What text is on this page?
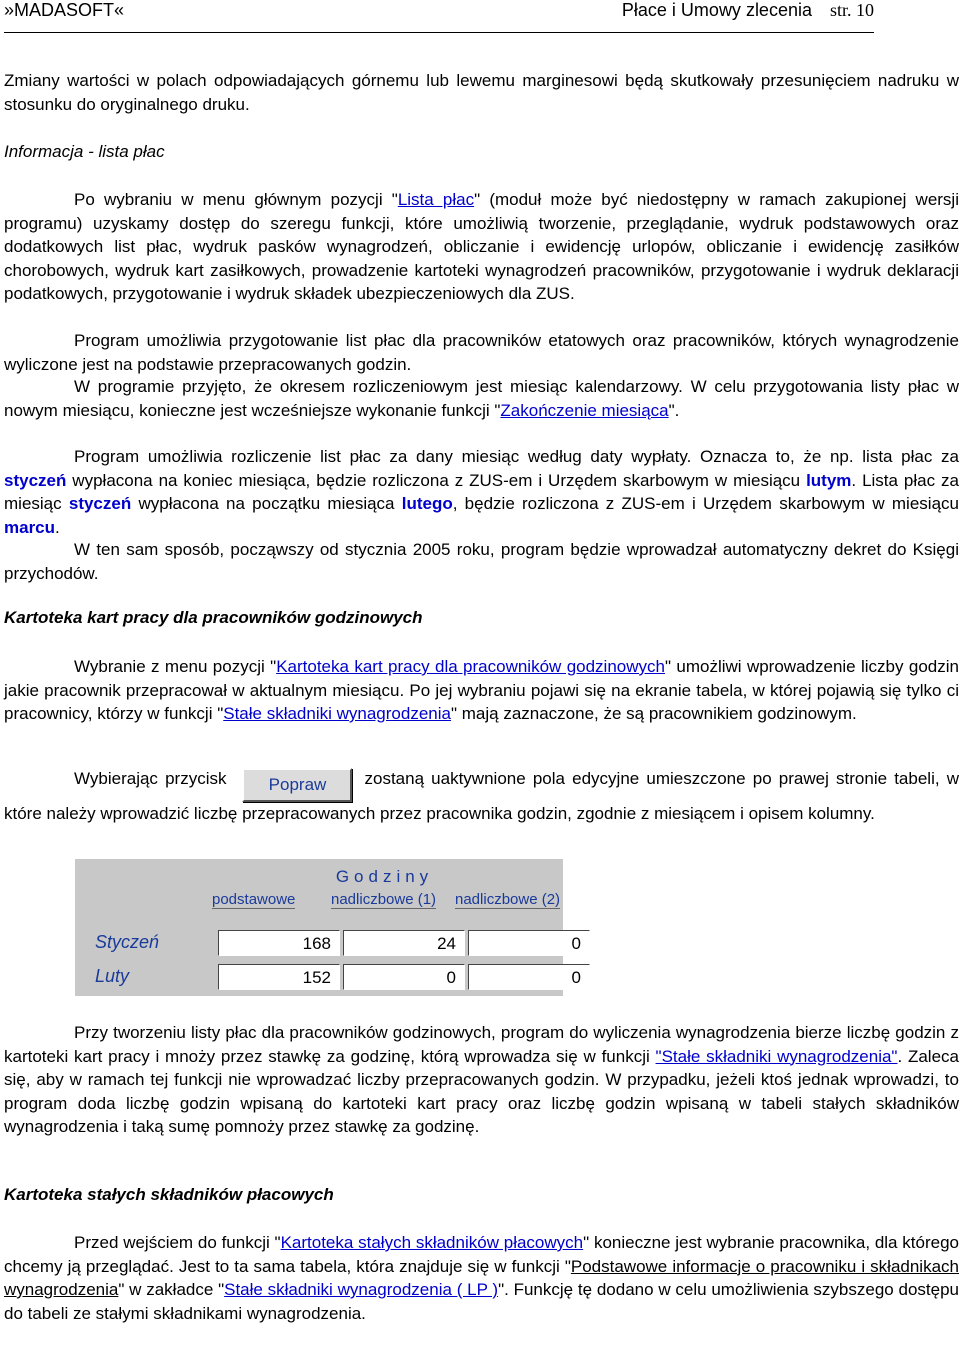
»MADASOFT«	Płace i Umowy zlecenia str. 10

Zmiany wartości w polach odpowiadających górnemu lub lewemu marginesowi będą skutkowały przesunięciem nadruku w stosunku do oryginalnego druku.

Informacja - lista płac

Po wybraniu w menu głównym pozycji "Lista płac" (moduł może być niedostępny w ramach zakupionej wersji programu) uzyskamy dostęp do szeregu funkcji, które umożliwią tworzenie, przeglądanie, wydruk podstawowych oraz dodatkowych list płac, wydruk pasków wynagrodzeń, obliczanie i ewidencję urlopów, obliczanie i ewidencję zasiłków chorobowych, wydruk kart zasiłkowych, prowadzenie kartoteki wynagrodzeń pracowników, przygotowanie i wydruk deklaracji podatkowych, przygotowanie i wydruk składek ubezpieczeniowych dla ZUS.

Program umożliwia przygotowanie list płac dla pracowników etatowych oraz pracowników, których wynagrodzenie wyliczone jest na podstawie przepracowanych godzin.

W programie przyjęto, że okresem rozliczeniowym jest miesiąc kalendarzowy. W celu przygotowania listy płac w nowym miesiącu, konieczne jest wcześniejsze wykonanie funkcji "Zakończenie miesiąca".

Program umożliwia rozliczenie list płac za dany miesiąc według daty wypłaty. Oznacza to, że np. lista płac za styczeń wypłacona na koniec miesiąca, będzie rozliczona z ZUS-em i Urzędem skarbowym w miesiącu lutym. Lista płac za miesiąc styczeń wypłacona na początku miesiąca lutego, będzie rozliczona z ZUS-em i Urzędem skarbowym w miesiącu marcu.

W ten sam sposób, począwszy od stycznia 2005 roku, program będzie wprowadzał automatyczny dekret do Księgi przychodów.

Kartoteka kart pracy dla pracowników godzinowych

Wybranie z menu pozycji "Kartoteka kart pracy dla pracowników godzinowych" umożliwi wprowadzenie liczby godzin jakie pracownik przepracował w aktualnym miesiącu. Po jej wybraniu pojawi się na ekranie tabela, w której pojawią się tylko ci pracownicy, którzy w funkcji "Stałe składniki wynagrodzenia" mają zaznaczone, że są pracownikiem godzinowym.

Wybierając przycisk Popraw zostaną uaktywnione pola edycyjne umieszczone po prawej stronie tabeli, w które należy wprowadzić liczbę przepracowanych przez pracownika godzin, zgodnie z miesiącem i opisem kolumny.

Godziny
podstawowe nadliczbowe (1) nadliczbowe (2)
Styczeń	168	24	0
Luty	152	0	0

Przy tworzeniu listy płac dla pracowników godzinowych, program do wyliczenia wynagrodzenia bierze liczbę godzin z kartoteki kart pracy i mnoży przez stawkę za godzinę, którą wprowadza się w funkcji "Stałe składniki wynagrodzenia". Zaleca się, aby w ramach tej funkcji nie wprowadzać liczby przepracowanych godzin. W przypadku, jeżeli ktoś jednak wprowadzi, to program doda liczbę godzin wpisaną do kartoteki kart pracy oraz liczbę godzin wpisaną w tabeli stałych składników wynagrodzenia i taką sumę pomnoży przez stawkę za godzinę.

Kartoteka stałych składników płacowych

Przed wejściem do funkcji "Kartoteka stałych składników płacowych" konieczne jest wybranie pracownika, dla którego chcemy ją przeglądać. Jest to ta sama tabela, która znajduje się w funkcji "Podstawowe informacje o pracowniku i składnikach wynagrodzenia" w zakładce "Stałe składniki wynagrodzenia ( LP )". Funkcję tę dodano w celu umożliwienia szybszego dostępu do tabeli ze stałymi składnikami wynagrodzenia.
